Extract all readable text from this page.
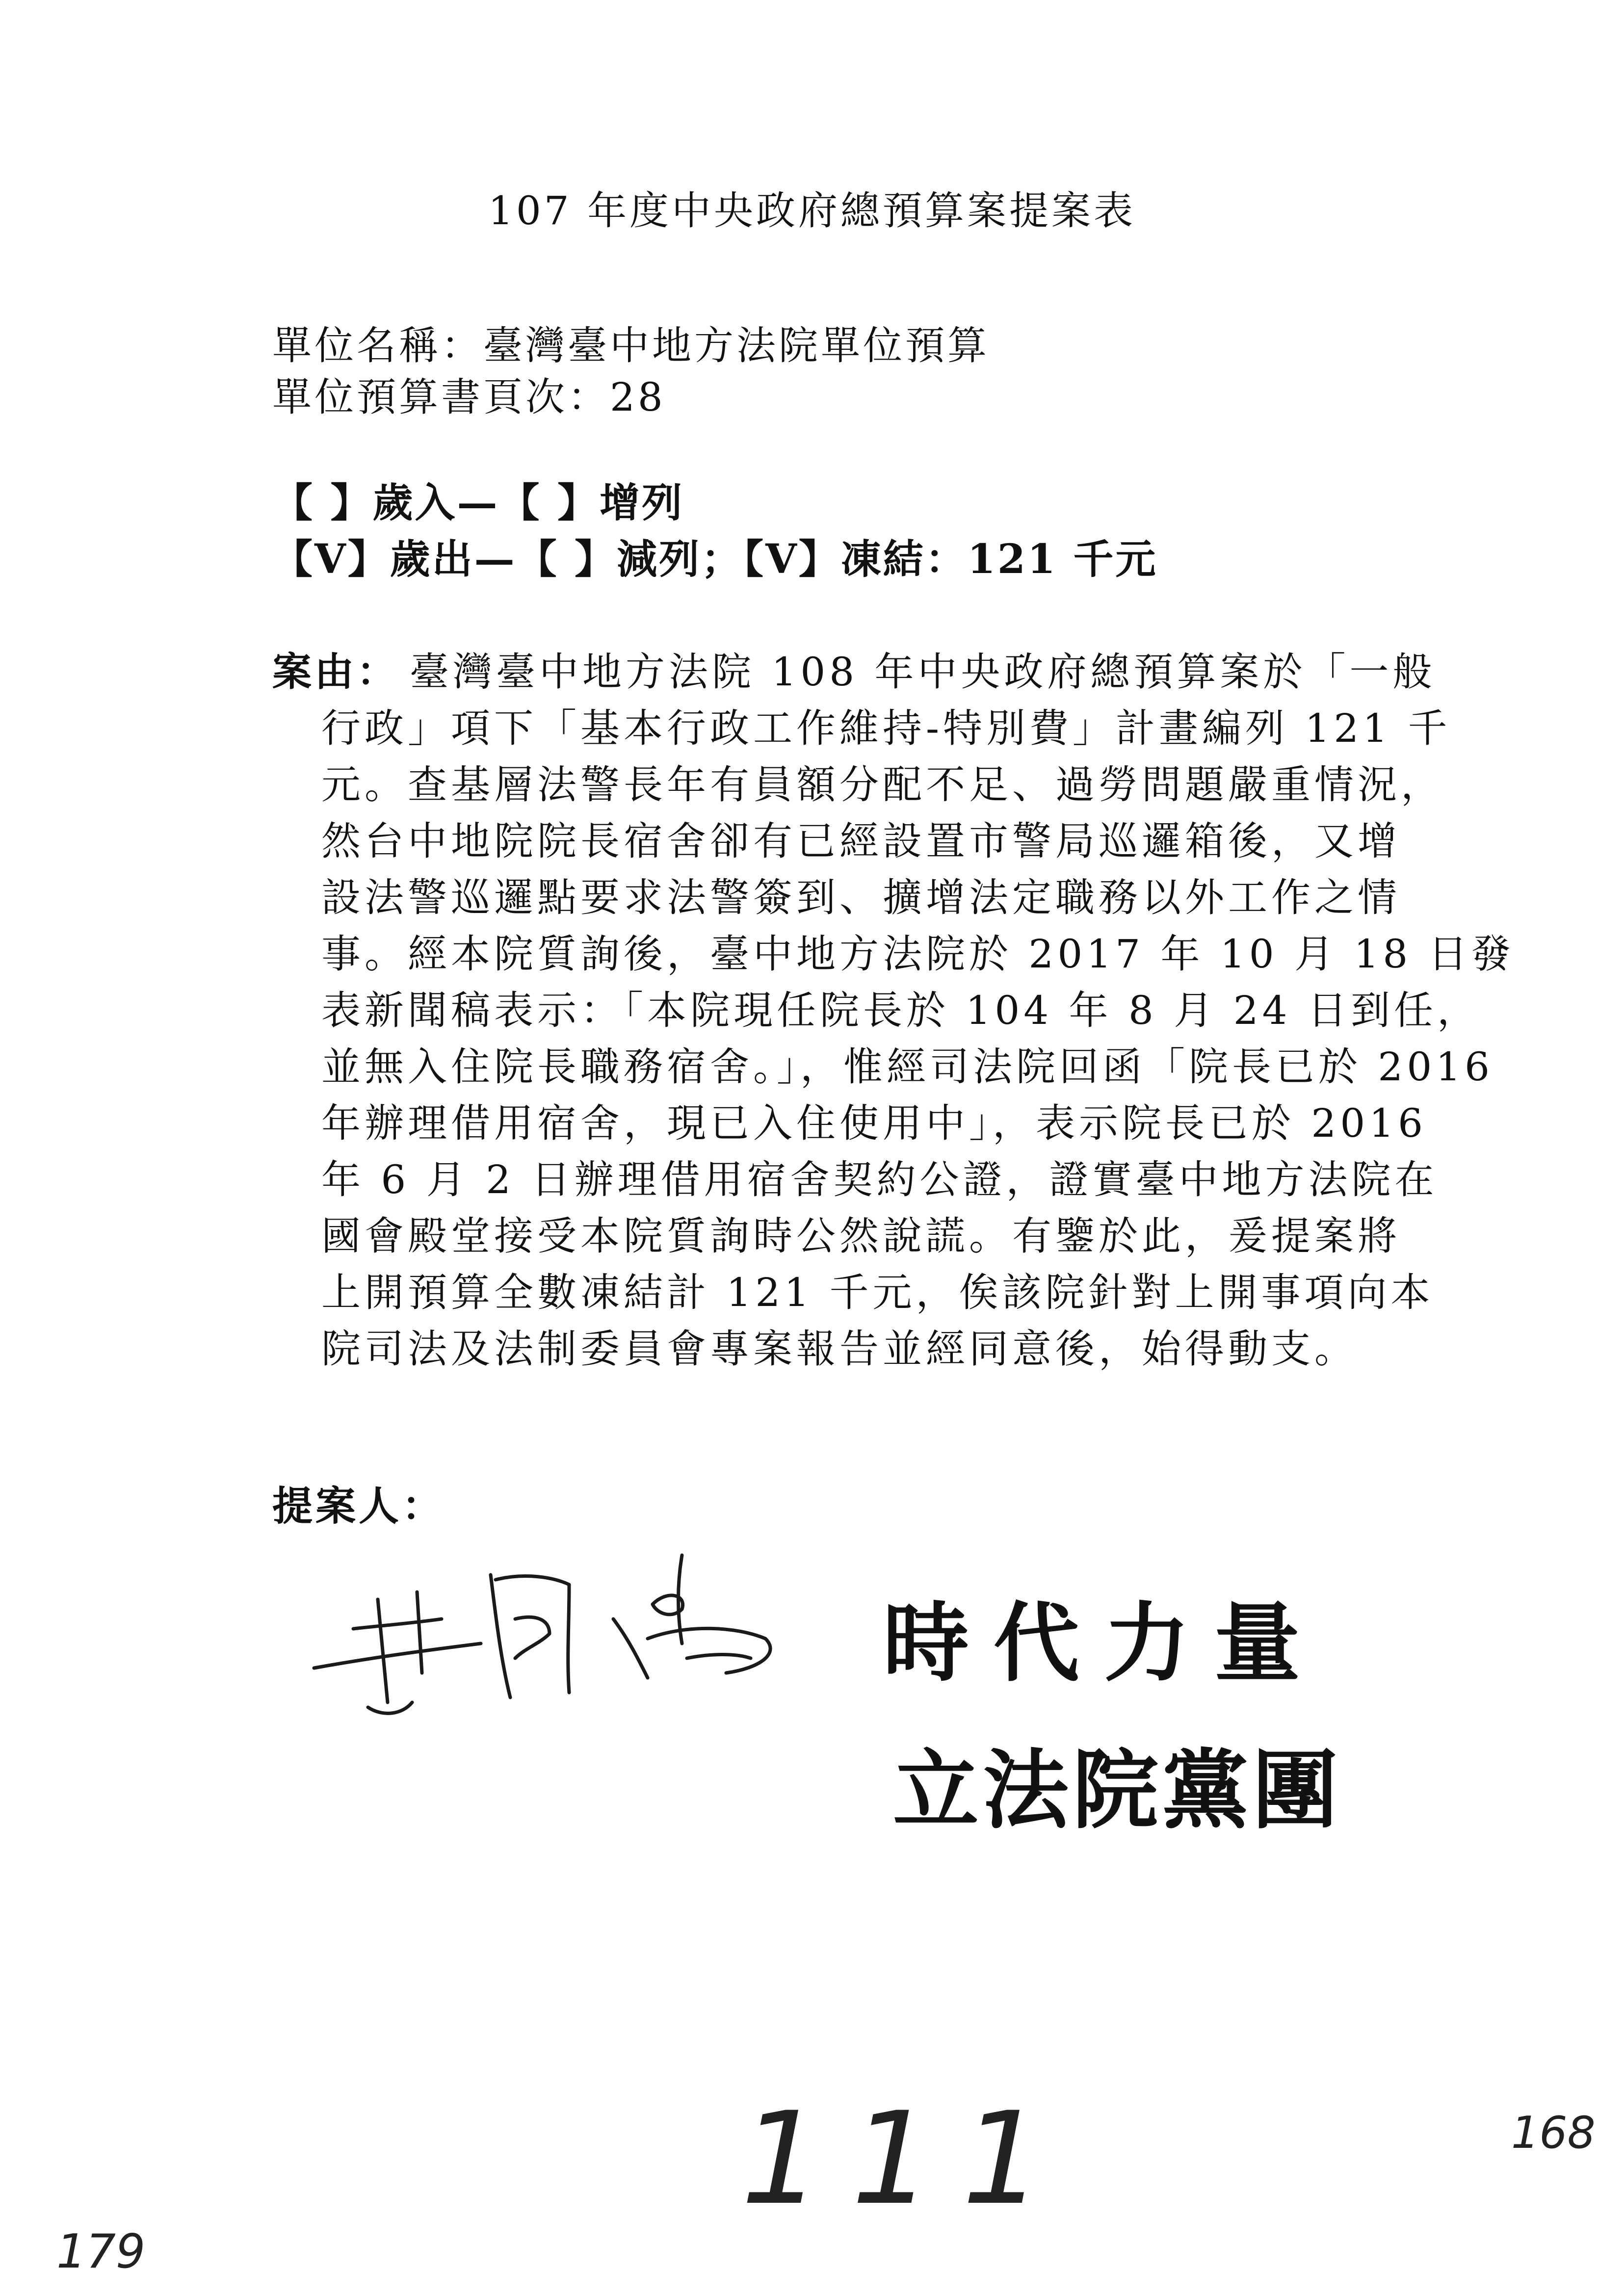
107 年度中央政府總預算案提案表
單位名稱：臺灣臺中地方法院單位預算
單位預算書頁次：28
【 】歲入—【 】增列
【V】歲出—【 】減列；【V】凍結：121 千元
案由： 臺灣臺中地方法院 108 年中央政府總預算案於「一般
行政」項下「基本行政工作維持-特別費」計畫編列 121 千
元。查基層法警長年有員額分配不足、過勞問題嚴重情況，
然台中地院院長宿舍卻有已經設置市警局巡邏箱後，又增
設法警巡邏點要求法警簽到、擴增法定職務以外工作之情
事。經本院質詢後，臺中地方法院於 2017 年 10 月 18 日發
表新聞稿表示：「本院現任院長於 104 年 8 月 24 日到任，
並無入住院長職務宿舍。」，惟經司法院回函「院長已於 2016
年辦理借用宿舍，現已入住使用中」，表示院長已於 2016
年 6 月 2 日辦理借用宿舍契約公證，證實臺中地方法院在
國會殿堂接受本院質詢時公然說謊。有鑒於此，爰提案將
上開預算全數凍結計 121 千元，俟該院針對上開事項向本
院司法及法制委員會專案報告並經同意後，始得動支。
提案人：
時代力量
立法院黨團
111	168
179
